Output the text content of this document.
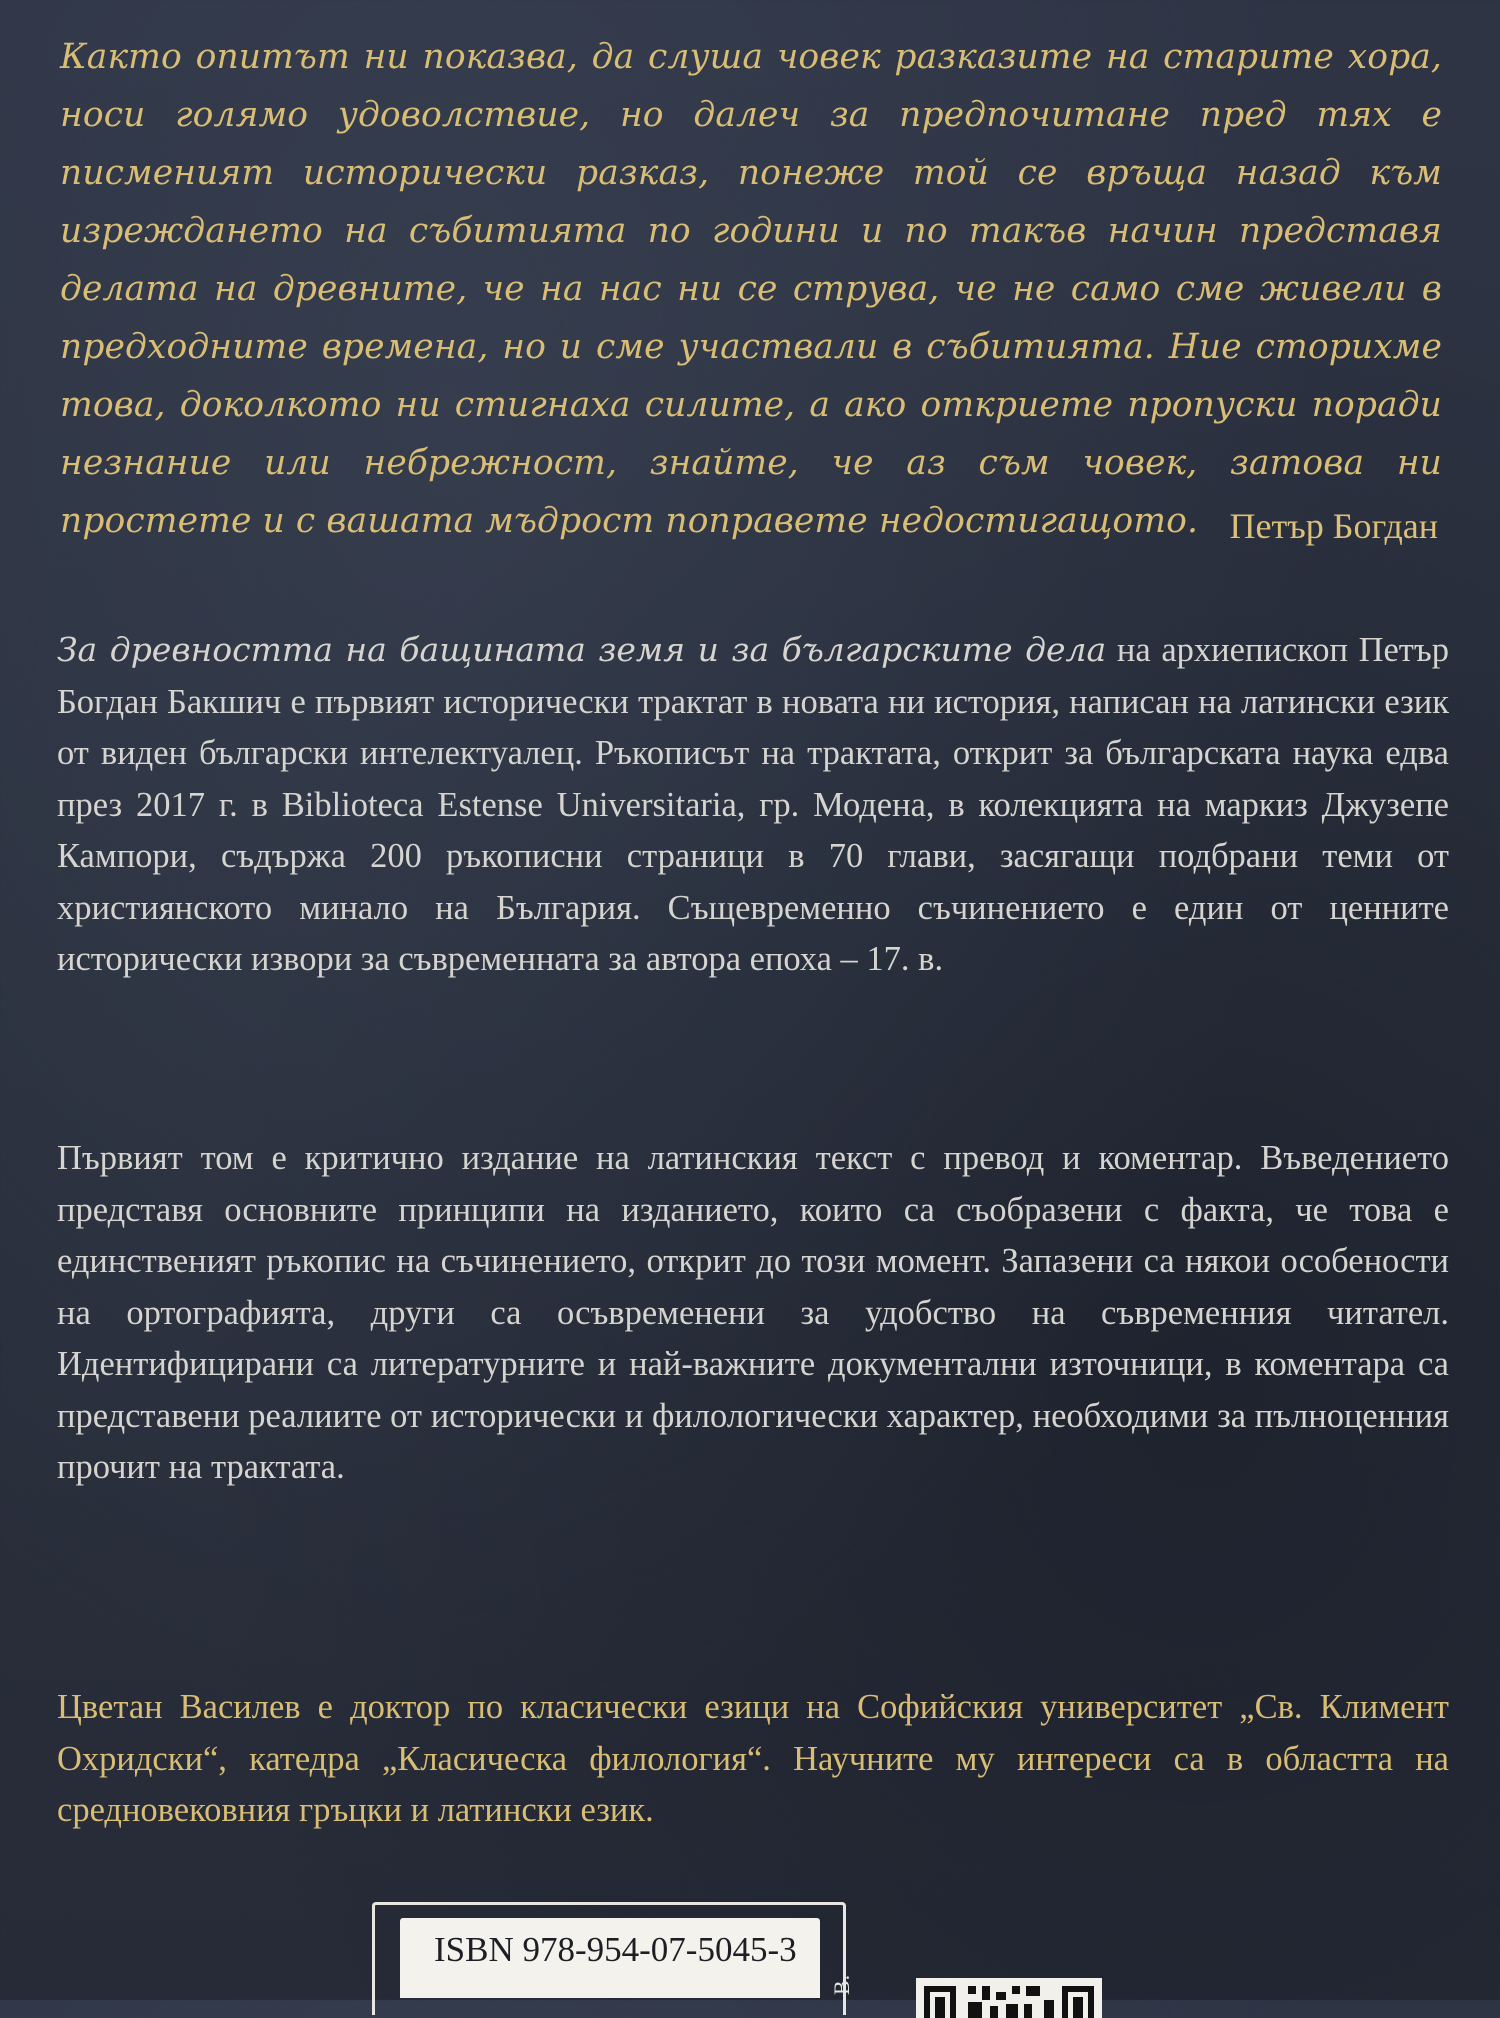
Както опитът ни показва, да слуша човек разказите на старите хора, носи голямо удоволствие, но далеч за предпочитане пред тях е писменият исторически разказ, понеже той се връща назад към изреждането на събитията по години и по такъв начин представя делата на древните, че на нас ни се струва, че не само сме живели в предходните времена, но и сме участвали в събитията. Ние сторихме това, доколкото ни стигнаха силите, а ако откриете пропуски поради незнание или небрежност, знайте, че аз съм човек, затова ни простете и с вашата мъдрост поправете недостигащото. Петър Богдан
За древността на бащината земя и за българските дела на архиепископ Петър Богдан Бакшич е първият исторически трактат в новата ни история, написан на латински език от виден български интелектуалец. Ръкописът на трактата, открит за българската наука едва през 2017 г. в Biblioteca Estense Universitaria, гр. Модена, в колекцията на маркиз Джузепе Кампори, съдържа 200 ръкописни страници в 70 глави, засягащи подбрани теми от християнското минало на България. Същевременно съчинението е един от ценните исторически извори за съвременната за автора епоха – 17. в.
Първият том е критично издание на латинския текст с превод и коментар. Въведението представя основните принципи на изданието, които са съобразени с факта, че това е единственият ръкопис на съчинението, открит до този момент. Запазени са някои особености на ортографията, други са осъвременени за удобство на съвременния читател. Идентифицирани са литературните и най-важните документални източници, в коментара са представени реалиите от исторически и филологически характер, необходими за пълноценния прочит на трактата.
Цветан Василев е доктор по класически езици на Софийския университет „Св. Климент Охридски“, катедра „Класическа филология“. Научните му интереси са в областта на средновековния гръцки и латински език.
ISBN 978-954-07-5045-3
В.
